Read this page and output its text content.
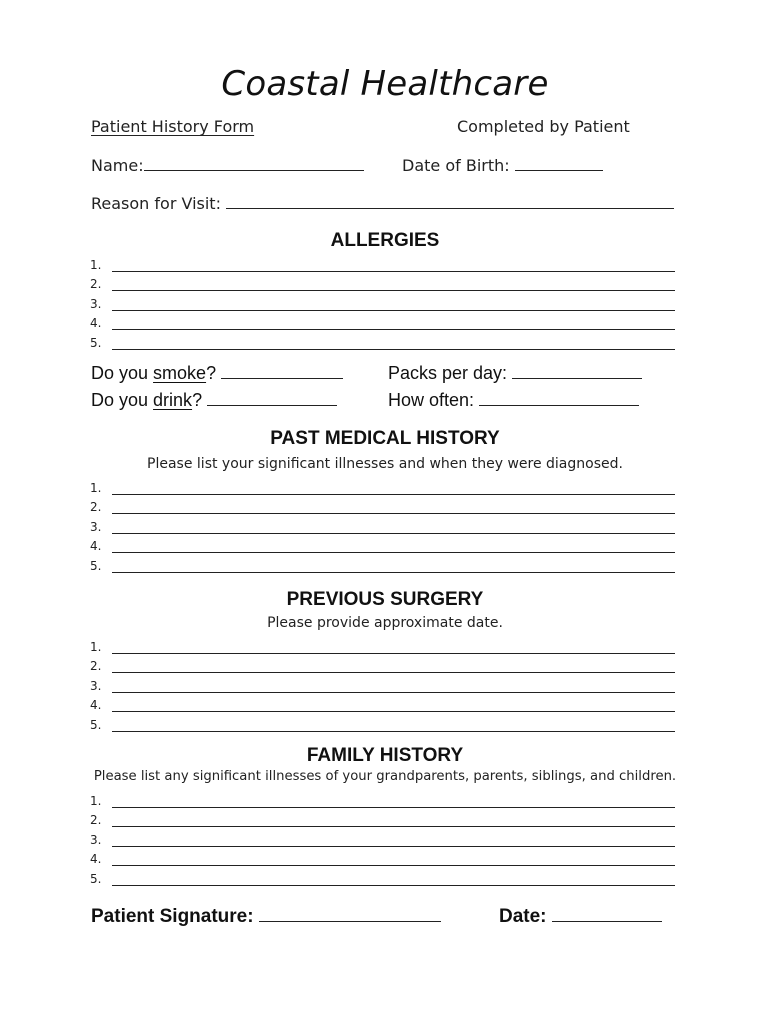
Coastal Healthcare
Patient History Form	Completed by Patient
Name:	Date of Birth:
Reason for Visit:
ALLERGIES
1.
2.
3.
4.
5.
Do you smoke?	Packs per day:
Do you drink?	How often:
PAST MEDICAL HISTORY
Please list your significant illnesses and when they were diagnosed.
1.
2.
3.
4.
5.
PREVIOUS SURGERY
Please provide approximate date.
1.
2.
3.
4.
5.
FAMILY HISTORY
Please list any significant illnesses of your grandparents, parents, siblings, and children.
1.
2.
3.
4.
5.
Patient Signature:	Date:
